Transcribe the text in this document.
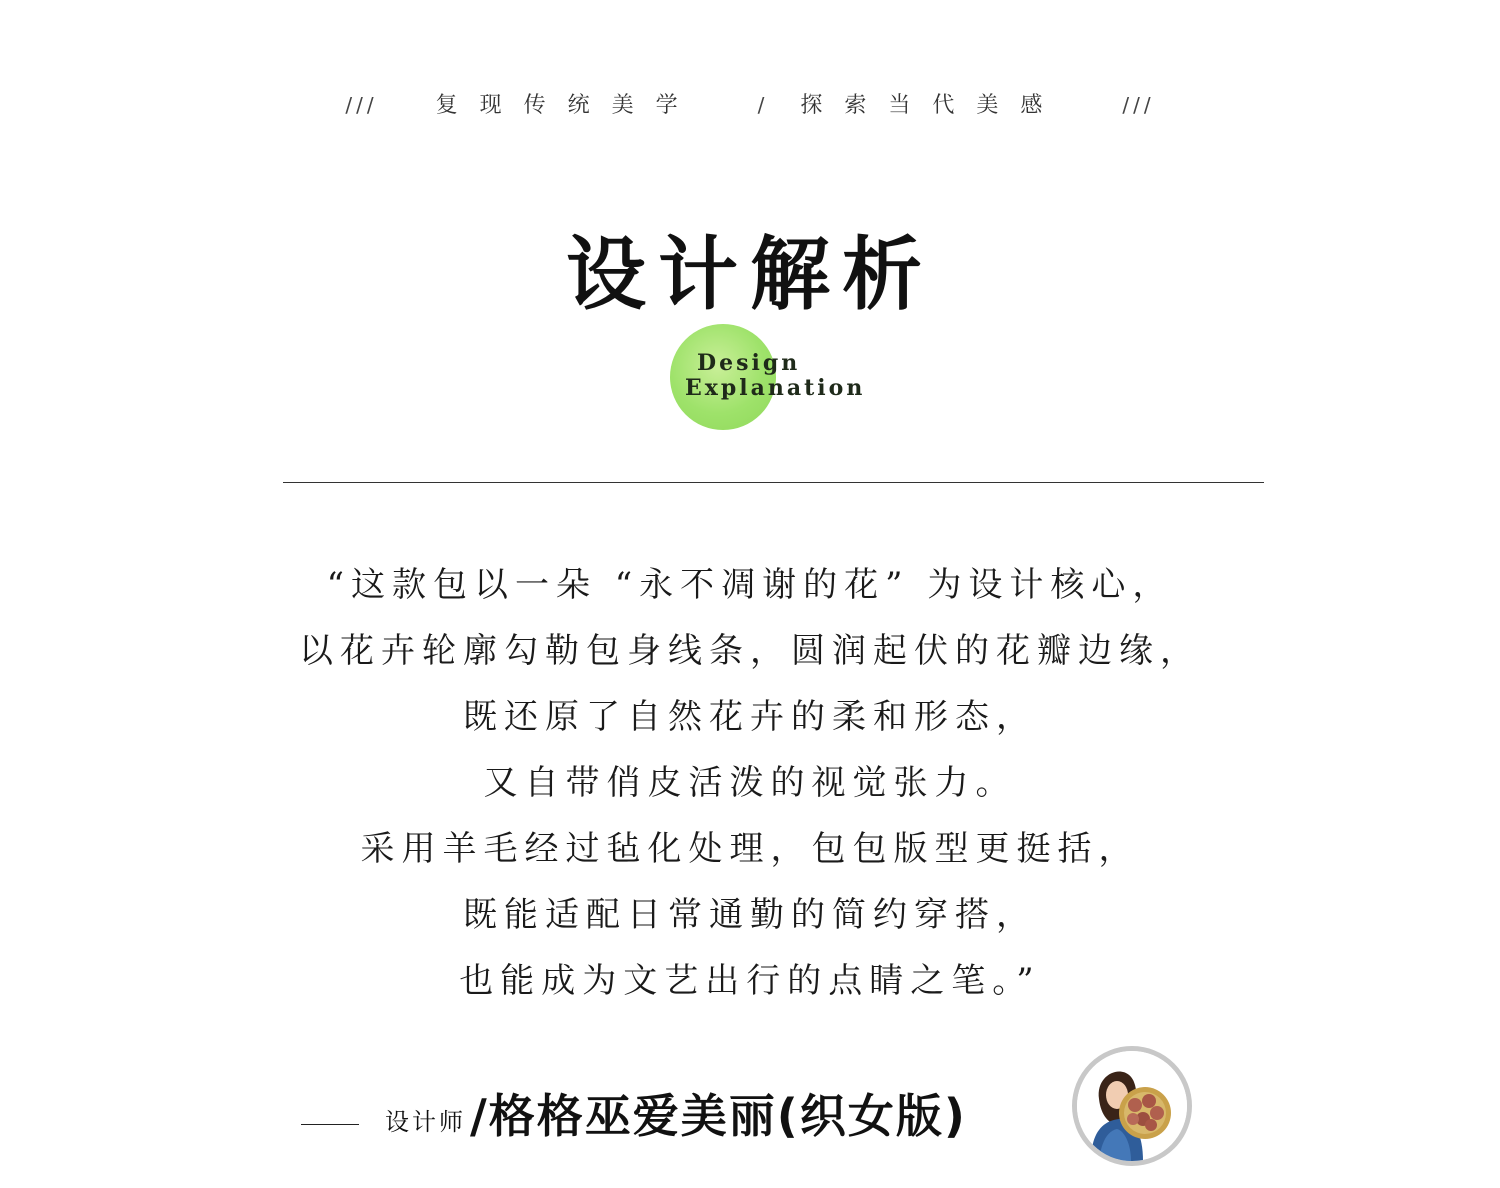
///	复现传统美学	/ 探索当代美感	///
设计解析
Design
Explanation
“这款包以一朵 “永不凋谢的花” 为设计核心，
以花卉轮廓勾勒包身线条，圆润起伏的花瓣边缘，
既还原了自然花卉的柔和形态，
又自带俏皮活泼的视觉张力。
采用羊毛经过毡化处理，包包版型更挺括，
既能适配日常通勤的简约穿搭，
也能成为文艺出行的点睛之笔。”
设计师 /格格巫爱美丽(织女版)
